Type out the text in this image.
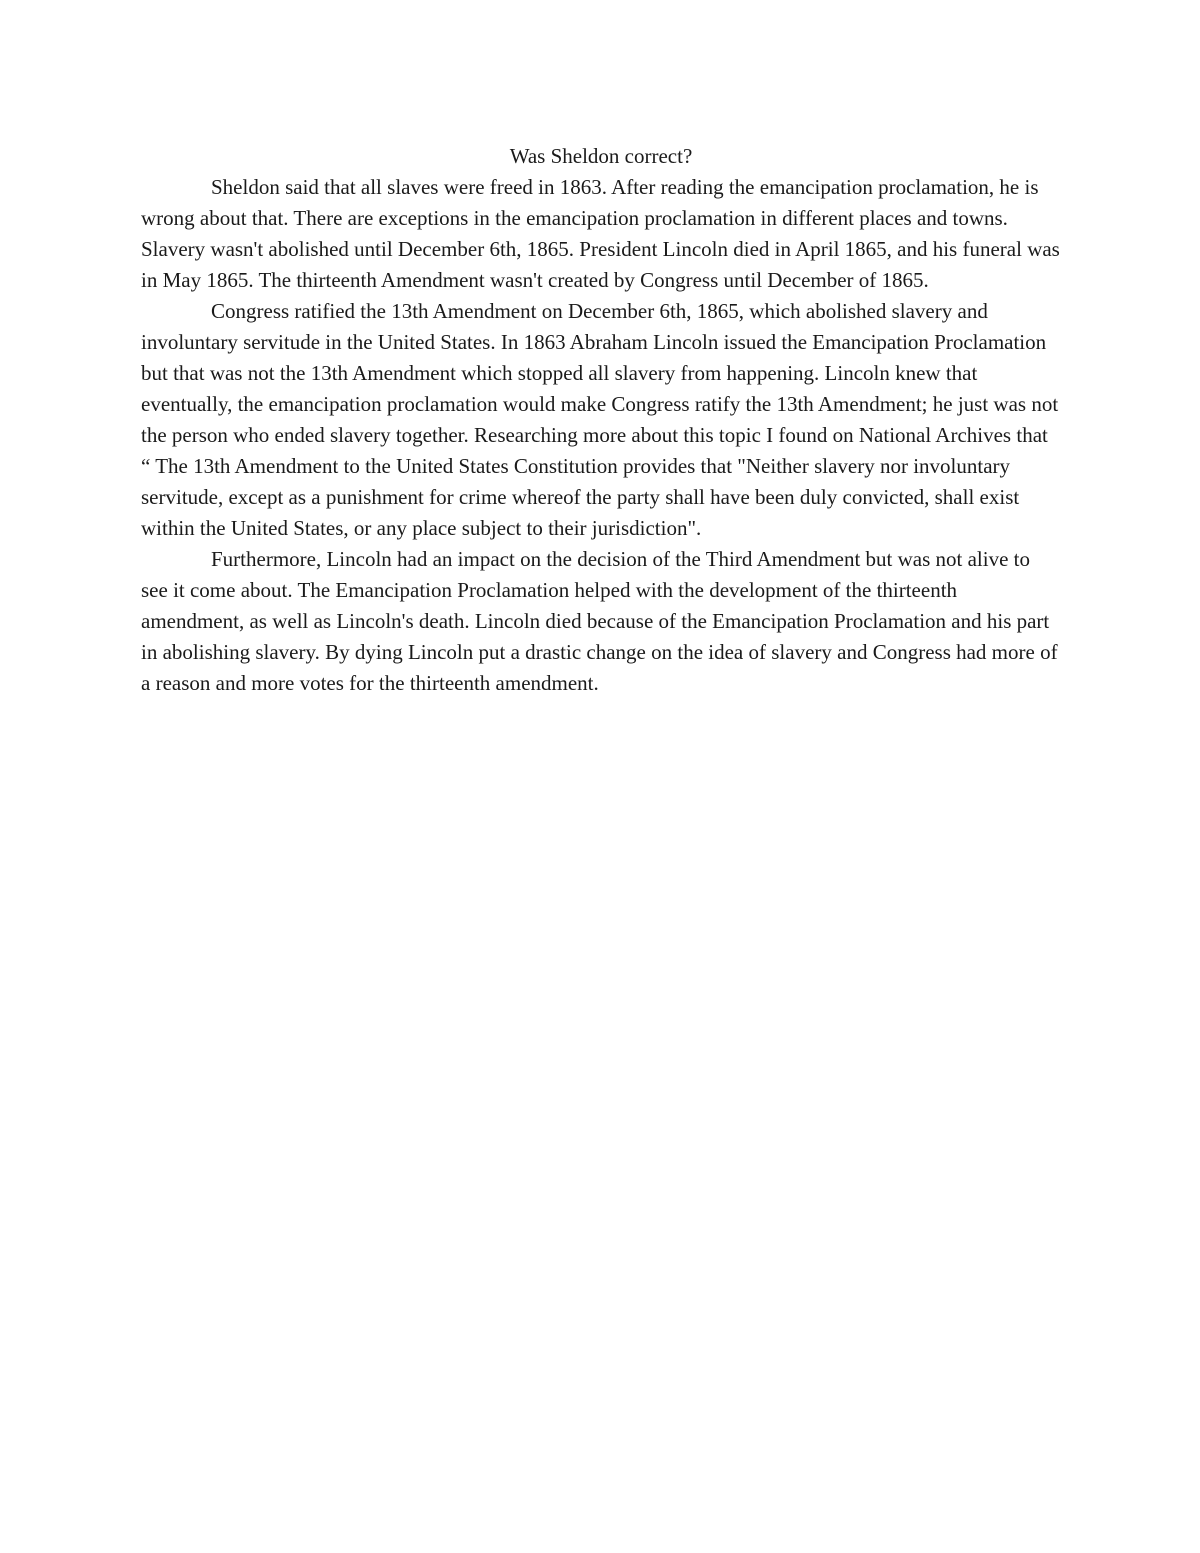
Was Sheldon correct?

Sheldon said that all slaves were freed in 1863. After reading the emancipation proclamation, he is wrong about that. There are exceptions in the emancipation proclamation in different places and towns. Slavery wasn't abolished until December 6th, 1865. President Lincoln died in April 1865, and his funeral was in May 1865. The thirteenth Amendment wasn't created by Congress until December of 1865.

Congress ratified the 13th Amendment on December 6th, 1865, which abolished slavery and involuntary servitude in the United States. In 1863 Abraham Lincoln issued the Emancipation Proclamation but that was not the 13th Amendment which stopped all slavery from happening. Lincoln knew that eventually, the emancipation proclamation would make Congress ratify the 13th Amendment; he just was not the person who ended slavery together. Researching more about this topic I found on National Archives that “ The 13th Amendment to the United States Constitution provides that "Neither slavery nor involuntary servitude, except as a punishment for crime whereof the party shall have been duly convicted, shall exist within the United States, or any place subject to their jurisdiction".

Furthermore, Lincoln had an impact on the decision of the Third Amendment but was not alive to see it come about. The Emancipation Proclamation helped with the development of the thirteenth amendment, as well as Lincoln's death. Lincoln died because of the Emancipation Proclamation and his part in abolishing slavery. By dying Lincoln put a drastic change on the idea of slavery and Congress had more of a reason and more votes for the thirteenth amendment.
